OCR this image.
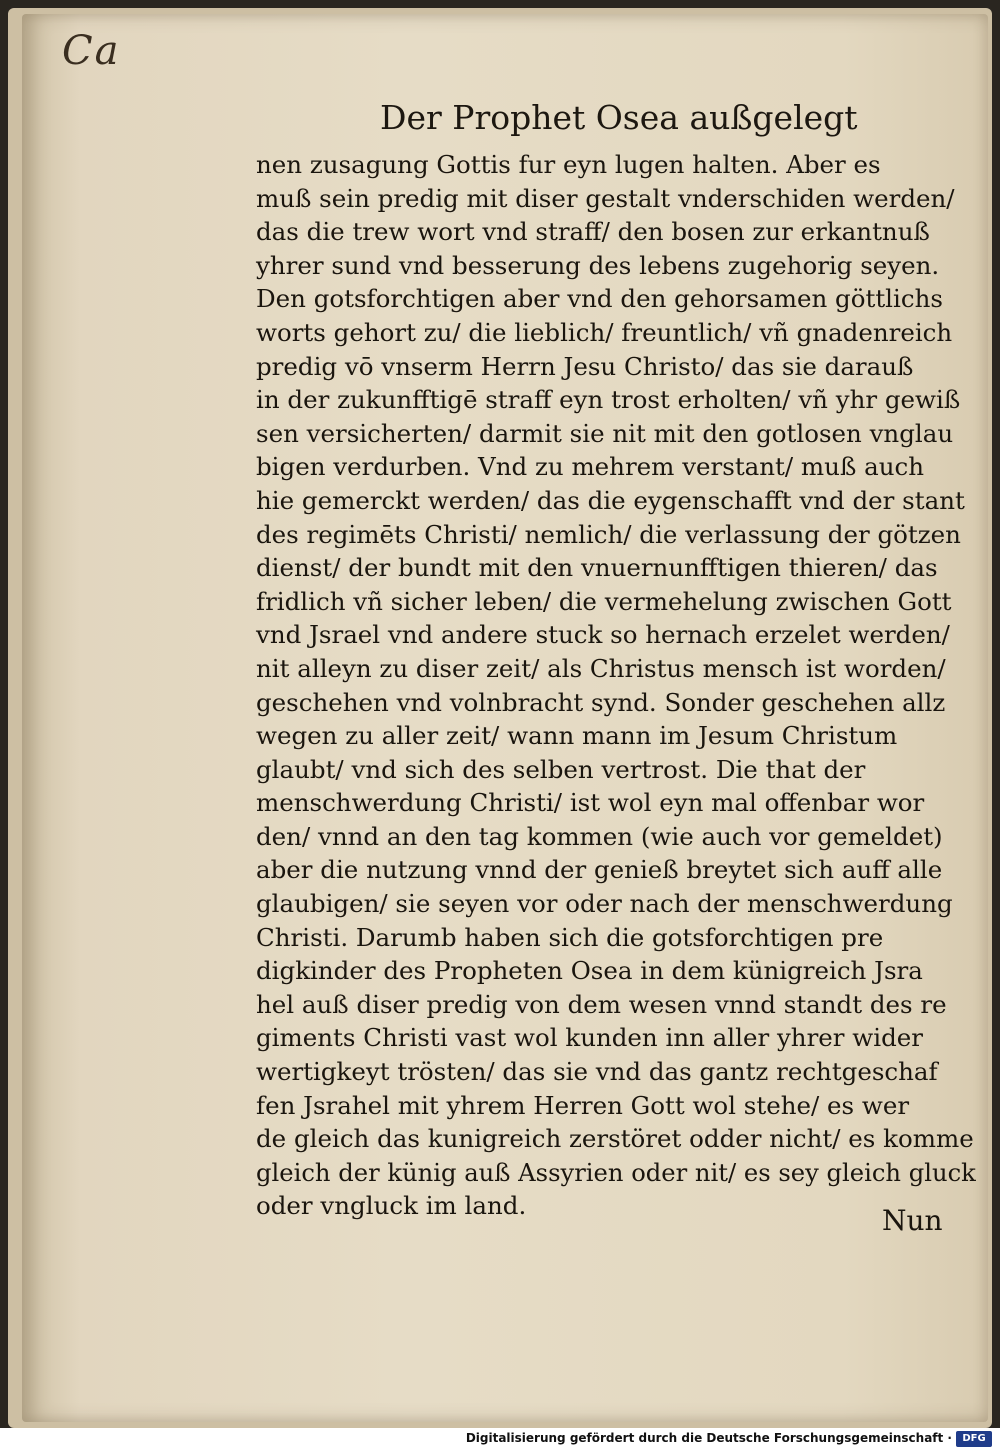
Ca
Der Prophet Osea außgelegt
nen zusagung Gottis fur eyn lugen halten. Aber es
muß sein predig mit diser gestalt vnderschiden werden/
das die trew wort vnd straff/ den bosen zur erkantnuß
yhrer sund vnd besserung des lebens zugehorig seyen.
Den gotsforchtigen aber vnd den gehorsamen göttlichs
worts gehort zu/ die lieblich/ freuntlich/ vñ gnadenreich
predig vō vnserm Herrn Jesu Christo/ das sie darauß
in der zukunfftigē straff eyn trost erholten/ vñ yhr gewiß
sen versicherten/ darmit sie nit mit den gotlosen vnglau
bigen verdurben. Vnd zu mehrem verstant/ muß auch
hie gemerckt werden/ das die eygenschafft vnd der stant
des regimēts Christi/ nemlich/ die verlassung der götzen
dienst/ der bundt mit den vnuernunfftigen thieren/ das
fridlich vñ sicher leben/ die vermehelung zwischen Gott
vnd Jsrael vnd andere stuck so hernach erzelet werden/
nit alleyn zu diser zeit/ als Christus mensch ist worden/
geschehen vnd volnbracht synd. Sonder geschehen allz
wegen zu aller zeit/ wann mann im Jesum Christum
glaubt/ vnd sich des selben vertrost. Die that der
menschwerdung Christi/ ist wol eyn mal offenbar wor
den/ vnnd an den tag kommen (wie auch vor gemeldet)
aber die nutzung vnnd der genieß breytet sich auff alle
glaubigen/ sie seyen vor oder nach der menschwerdung
Christi. Darumb haben sich die gotsforchtigen pre
digkinder des Propheten Osea in dem künigreich Jsra
hel auß diser predig von dem wesen vnnd standt des re
giments Christi vast wol kunden inn aller yhrer wider
wertigkeyt trösten/ das sie vnd das gantz rechtgeschaf
fen Jsrahel mit yhrem Herren Gott wol stehe/ es wer
de gleich das kunigreich zerstöret odder nicht/ es komme
gleich der künig auß Assyrien oder nit/ es sey gleich gluck
oder vngluck im land.	Nun
Digitalisierung gefördert durch die Deutsche Forschungsgemeinschaft ·	DFG
